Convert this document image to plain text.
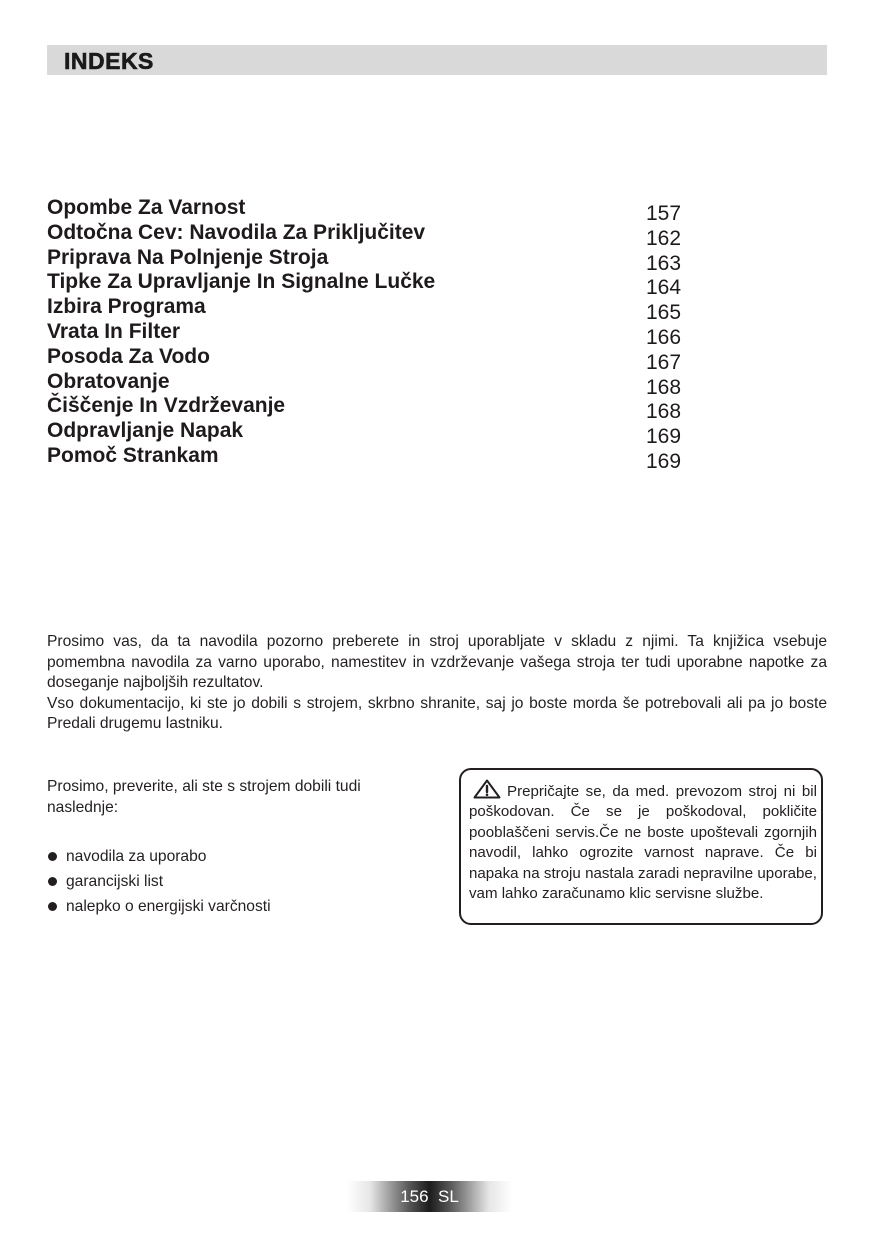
INDEKS
Opombe Za Varnost
Odtočna Cev: Navodila Za Priključitev
Priprava Na Polnjenje Stroja
Tipke Za Upravljanje In Signalne Lučke
Izbira Programa
Vrata In Filter
Posoda Za Vodo
Obratovanje
Čiščenje In Vzdrževanje
Odpravljanje Napak
Pomoč Strankam
157
162
163
164
165
166
167
168
168
169
169

Prosimo vas, da ta navodila pozorno preberete in stroj uporabljate v skladu z njimi. Ta knjižica vsebuje pomembna navodila za varno uporabo, namestitev in vzdrževanje vašega stroja ter tudi uporabne napotke za doseganje najboljših rezultatov.

Vso dokumentacijo, ki ste jo dobili s strojem, skrbno shranite, saj jo boste morda še potrebovali ali pa jo boste Predali drugemu lastniku.

Prosimo, preverite, ali ste s strojem dobili tudi naslednje:

navodila za uporabo
garancijski list
nalepko o energijski varčnosti
Prepričajte se, da med. prevozom stroj ni bil poškodovan. Če se je poškodoval, pokličite pooblaščeni servis.Če ne boste upoštevali zgornjih navodil, lahko ogrozite varnost naprave. Če bi napaka na stroju nastala zaradi nepravilne uporabe, vam lahko zaračunamo klic servisne službe.
156  SL
